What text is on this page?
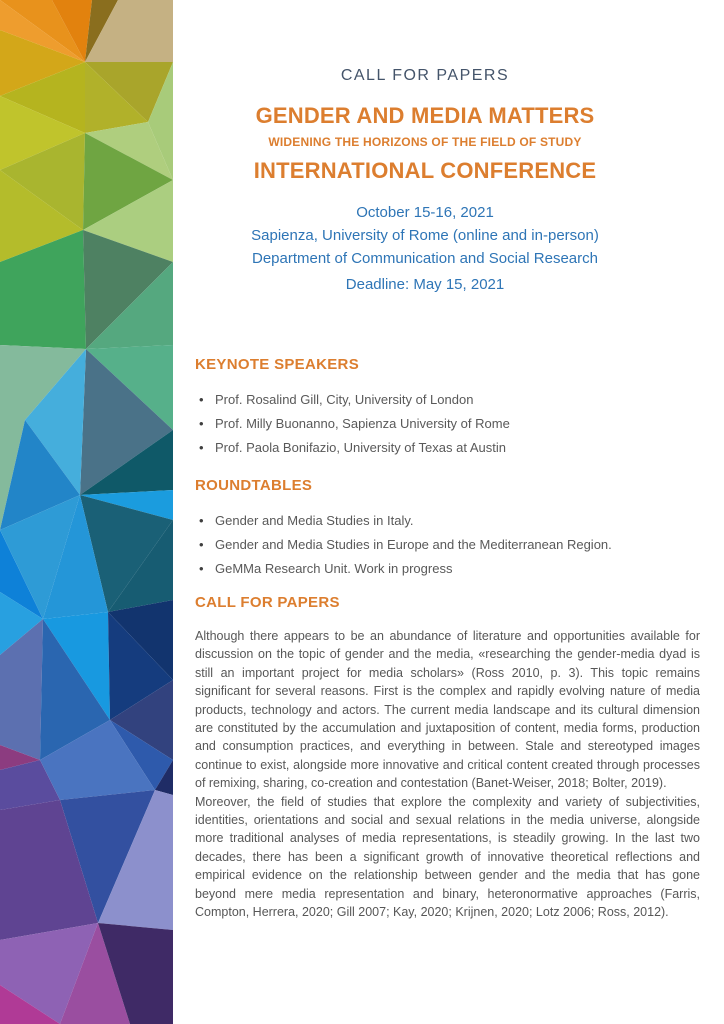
CALL FOR PAPERS
GENDER AND MEDIA MATTERS
WIDENING THE HORIZONS OF THE FIELD OF STUDY
INTERNATIONAL CONFERENCE
October 15-16, 2021
Sapienza, University of Rome (online and in-person)
Department of Communication and Social Research
Deadline: May 15, 2021
KEYNOTE SPEAKERS
• Prof. Rosalind Gill, City, University of London
• Prof. Milly Buonanno, Sapienza University of Rome
• Prof. Paola Bonifazio, University of Texas at Austin
ROUNDTABLES
• Gender and Media Studies in Italy.
• Gender and Media Studies in Europe and the Mediterranean Region.
• GeMMa Research Unit. Work in progress
CALL FOR PAPERS

Although there appears to be an abundance of literature and opportunities available for discussion on the topic of gender and the media, «researching the gender-media dyad is still an important project for media scholars» (Ross 2010, p. 3). This topic remains significant for several reasons. First is the complex and rapidly evolving nature of media products, technology and actors. The current media landscape and its cultural dimension are constituted by the accumulation and juxtaposition of content, media forms, production and consumption practices, and everything in between. Stale and stereotyped images continue to exist, alongside more innovative and critical content created through processes of remixing, sharing, co-creation and contestation (Banet-Weiser, 2018; Bolter, 2019).

Moreover, the field of studies that explore the complexity and variety of subjectivities, identities, orientations and social and sexual relations in the media universe, alongside more traditional analyses of media representations, is steadily growing. In the last two decades, there has been a significant growth of innovative theoretical reflections and empirical evidence on the relationship between gender and the media that has gone beyond mere media representation and binary, heteronormative approaches (Farris, Compton, Herrera, 2020; Gill 2007; Kay, 2020; Krijnen, 2020; Lotz 2006; Ross, 2012).
